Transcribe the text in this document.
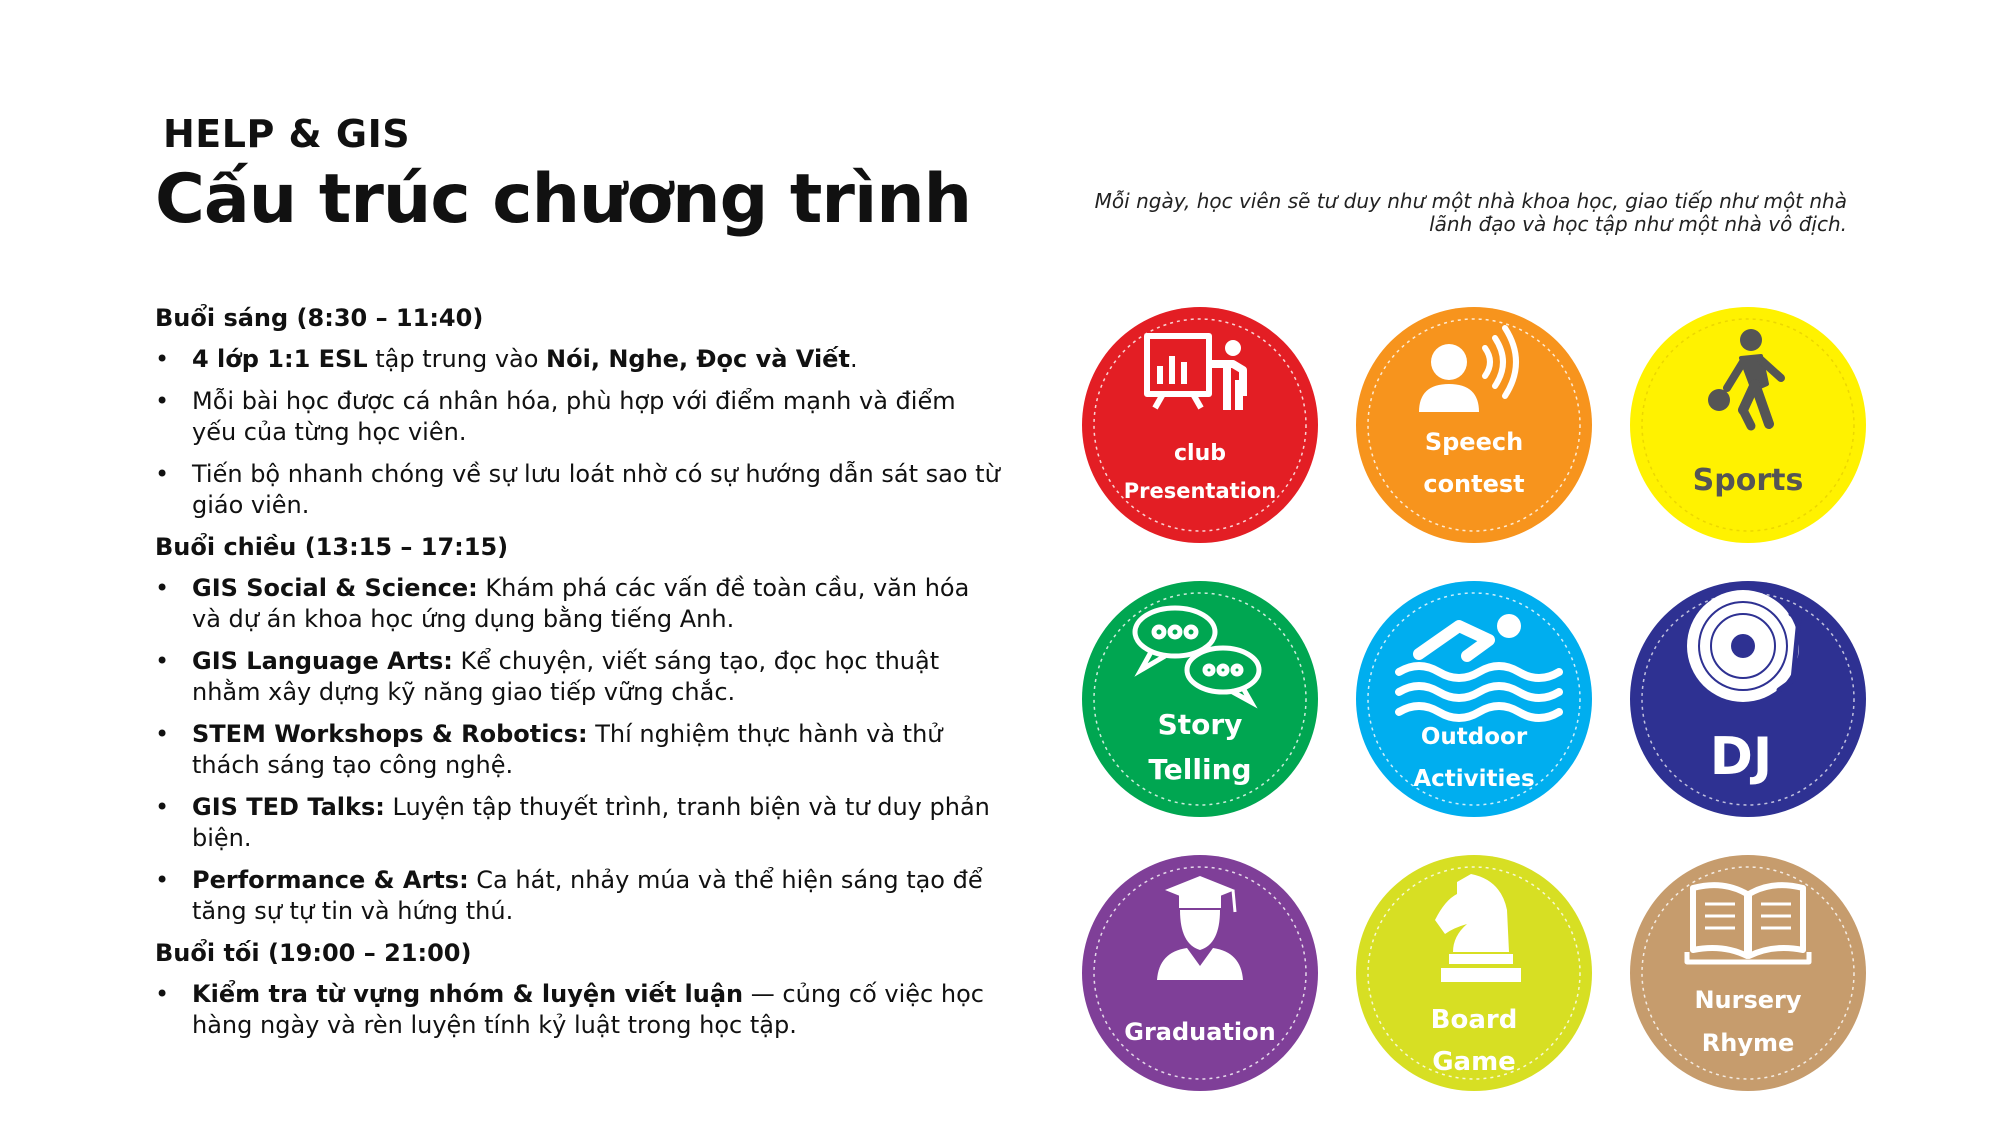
HELP & GIS
Cấu trúc chương trình	Mỗi ngày, học viên sẽ tư duy như một nhà khoa học, giao tiếp như một nhà
lãnh đạo và học tập như một nhà vô địch.

Buổi sáng (8:30 – 11:40)

• 4 lớp 1:1 ESL tập trung vào Nói, Nghe, Đọc và Viết.
• Mỗi bài học được cá nhân hóa, phù hợp với điểm mạnh và điểm yếu của từng học viên.
• Tiến bộ nhanh chóng về sự lưu loát nhờ có sự hướng dẫn sát sao từ giáo viên.

Buổi chiều (13:15 – 17:15)

• GIS Social & Science: Khám phá các vấn đề toàn cầu, văn hóa và dự án khoa học ứng dụng bằng tiếng Anh.
• GIS Language Arts: Kể chuyện, viết sáng tạo, đọc học thuật nhằm xây dựng kỹ năng giao tiếp vững chắc.
• STEM Workshops & Robotics: Thí nghiệm thực hành và thử thách sáng tạo công nghệ.
• GIS TED Talks: Luyện tập thuyết trình, tranh biện và tư duy phản biện.
• Performance & Arts: Ca hát, nhảy múa và thể hiện sáng tạo để tăng sự tự tin và hứng thú.

Buổi tối (19:00 – 21:00)

• Kiểm tra từ vựng nhóm & luyện viết luận — củng cố việc học hàng ngày và rèn luyện tính kỷ luật trong học tập.
club
Presentation
Speech
contest	Sports
Story
Telling
Outdoor
Activities	DJ
Graduation	Board
Game
Nursery
Rhyme
